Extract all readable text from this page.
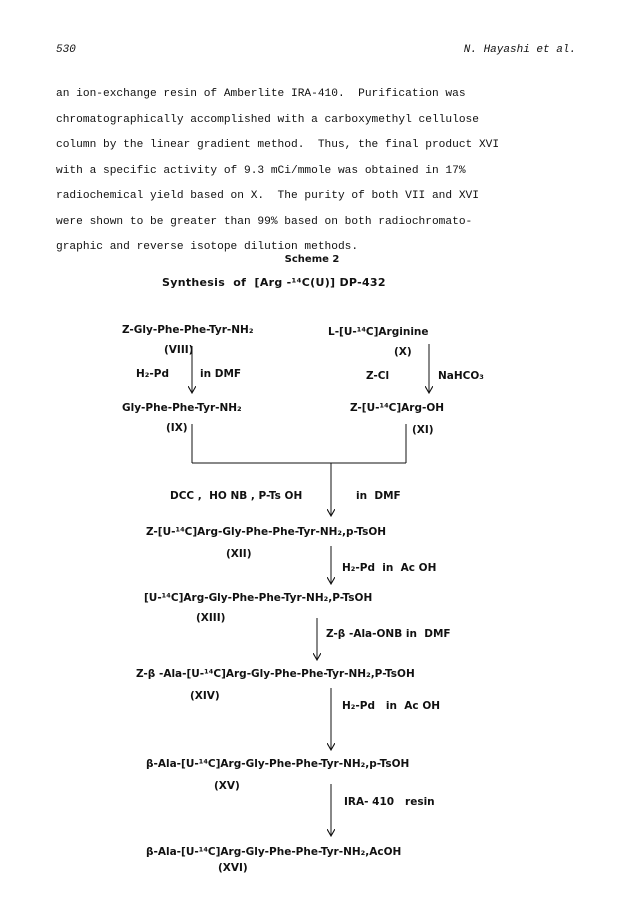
530	N. Hayashi et al.
an ion-exchange resin of Amberlite IRA-410.  Purification was
chromatographically accomplished with a carboxymethyl cellulose
column by the linear gradient method.  Thus, the final product XVI
with a specific activity of 9.3 mCi/mmole was obtained in 17%
radiochemical yield based on X.  The purity of both VII and XVI
were shown to be greater than 99% based on both radiochromato-
graphic and reverse isotope dilution methods.
Scheme 2
Synthesis  of  [Arg -¹⁴C(U)] DP-432
Z-Gly-Phe-Phe-Tyr-NH₂
(VIII)
H₂-Pd	in DMF
Gly-Phe-Phe-Tyr-NH₂
(IX)
L-[U-¹⁴C]Arginine
(X)
Z-Cl	NaHCO₃
Z-[U-¹⁴C]Arg-OH
(XI)
DCC ,  HO NB , P-Ts OH	in  DMF
Z-[U-¹⁴C]Arg-Gly-Phe-Phe-Tyr-NH₂,p-TsOH
(XII)
H₂-Pd  in  Ac OH
[U-¹⁴C]Arg-Gly-Phe-Phe-Tyr-NH₂,P-TsOH
(XIII)
Z-β -Ala-ONB in  DMF
Z-β -Ala-[U-¹⁴C]Arg-Gly-Phe-Phe-Tyr-NH₂,P-TsOH
(XIV)
H₂-Pd   in  Ac OH
β-Ala-[U-¹⁴C]Arg-Gly-Phe-Phe-Tyr-NH₂,p-TsOH
(XV)
IRA- 410   resin
β-Ala-[U-¹⁴C]Arg-Gly-Phe-Phe-Tyr-NH₂,AcOH
(XVI)
